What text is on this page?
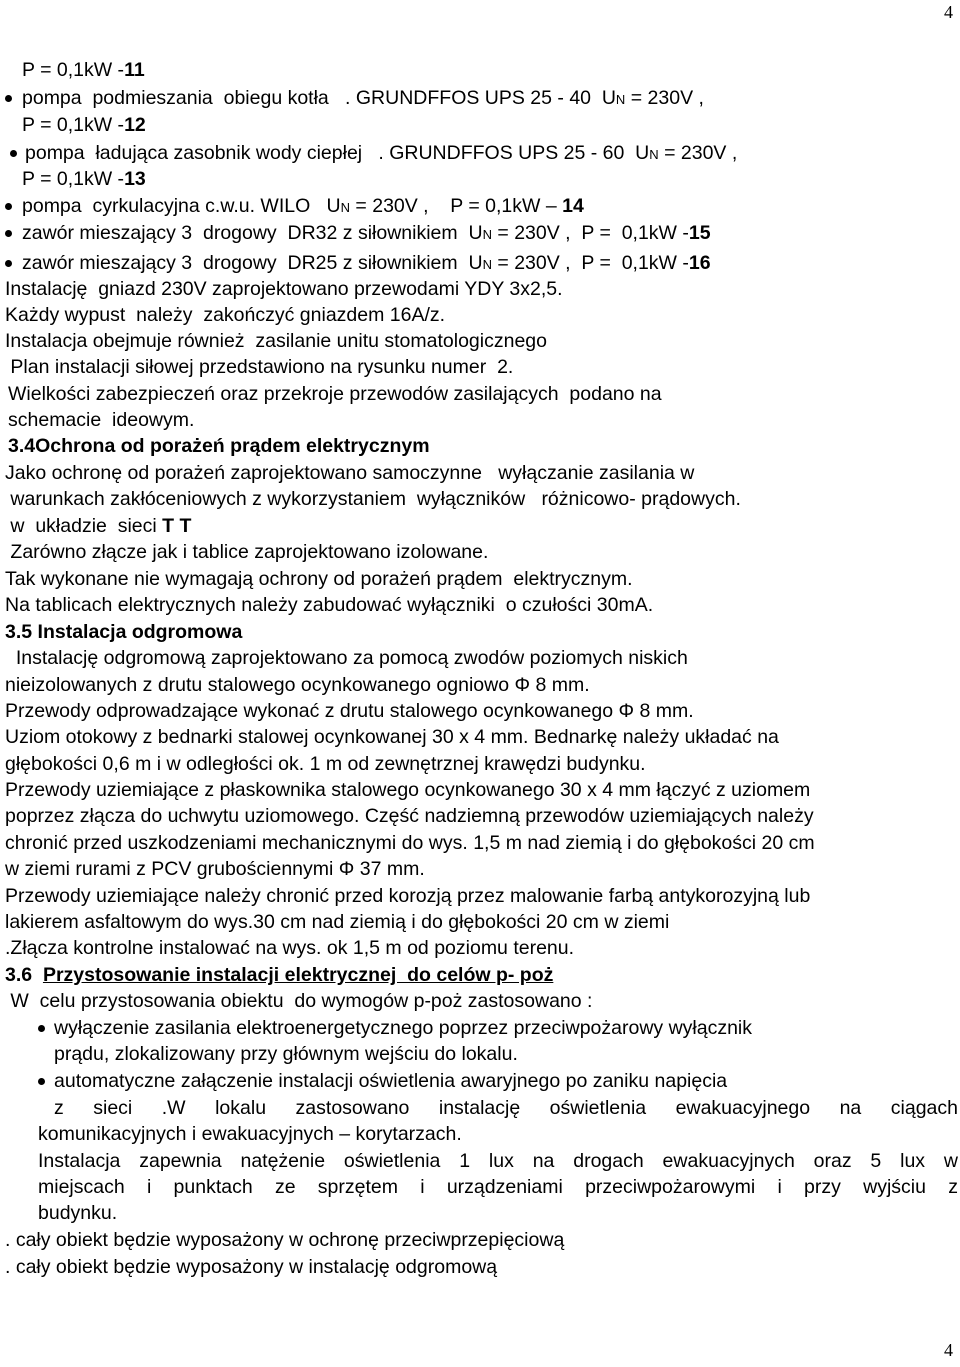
4
P = 0,1kW -11
pompa  podmieszania  obiegu kotła   . GRUNDFFOS UPS 25 - 40  UN = 230V ,
P = 0,1kW -12
pompa  ładująca zasobnik wody ciepłej   . GRUNDFFOS UPS 25 - 60  UN = 230V ,
P = 0,1kW -13
pompa  cyrkulacyjna c.w.u. WILO   UN = 230V ,    P = 0,1kW – 14
zawór mieszający 3  drogowy  DR32 z siłownikiem  UN = 230V ,  P =  0,1kW -15
zawór mieszający 3  drogowy  DR25 z siłownikiem  UN = 230V ,  P =  0,1kW -16
Instalację  gniazd 230V zaprojektowano przewodami YDY 3x2,5.
Każdy wypust  należy  zakończyć gniazdem 16A/z.
Instalacja obejmuje również  zasilanie unitu stomatologicznego
Plan instalacji siłowej przedstawiono na rysunku numer  2.
Wielkości zabezpieczeń oraz przekroje przewodów zasilających  podano na
schemacie  ideowym.
3.4Ochrona od porażeń prądem elektrycznym
Jako ochronę od porażeń zaprojektowano samoczynne   wyłączanie zasilania w
warunkach zakłóceniowych z wykorzystaniem  wyłączników   różnicowo- prądowych.
w  układzie  sieci T T
Zarówno złącze jak i tablice zaprojektowano izolowane.
Tak wykonane nie wymagają ochrony od porażeń prądem  elektrycznym.
Na tablicach elektrycznych należy zabudować wyłączniki  o czułości 30mA.
3.5 Instalacja odgromowa
Instalację odgromową zaprojektowano za pomocą zwodów poziomych niskich
nieizolowanych z drutu stalowego ocynkowanego ogniowo Φ 8 mm.
Przewody odprowadzające wykonać z drutu stalowego ocynkowanego Φ 8 mm.
Uziom otokowy z bednarki stalowej ocynkowanej 30 x 4 mm. Bednarkę należy układać na
głębokości 0,6 m i w odległości ok. 1 m od zewnętrznej krawędzi budynku.
Przewody uziemiające z płaskownika stalowego ocynkowanego 30 x 4 mm łączyć z uziomem
poprzez złącza do uchwytu uziomowego. Część nadziemną przewodów uziemiających należy
chronić przed uszkodzeniami mechanicznymi do wys. 1,5 m nad ziemią i do głębokości 20 cm
w ziemi rurami z PCV grubościennymi Φ 37 mm.
Przewody uziemiające należy chronić przed korozją przez malowanie farbą antykorozyjną lub
lakierem asfaltowym do wys.30 cm nad ziemią i do głębokości 20 cm w ziemi
.Złącza kontrolne instalować na wys. ok 1,5 m od poziomu terenu.
3.6 Przystosowanie instalacji elektrycznej  do celów p- poż
W  celu przystosowania obiektu  do wymogów p-poż zastosowano :
wyłączenie zasilania elektroenergetycznego poprzez przeciwpożarowy wyłącznik
prądu, zlokalizowany przy głównym wejściu do lokalu.
automatyczne załączenie instalacji oświetlenia awaryjnego po zaniku napięcia
z sieci .W lokalu zastosowano instalację oświetlenia ewakuacyjnego na ciągach
komunikacyjnych i ewakuacyjnych – korytarzach.
Instalacja zapewnia natężenie oświetlenia 1 lux na drogach ewakuacyjnych oraz 5 lux w
miejscach i punktach ze sprzętem i urządzeniami przeciwpożarowymi i przy wyjściu z
budynku.
. cały obiekt będzie wyposażony w ochronę przeciwprzepięciową
. cały obiekt będzie wyposażony w instalację odgromową
4
